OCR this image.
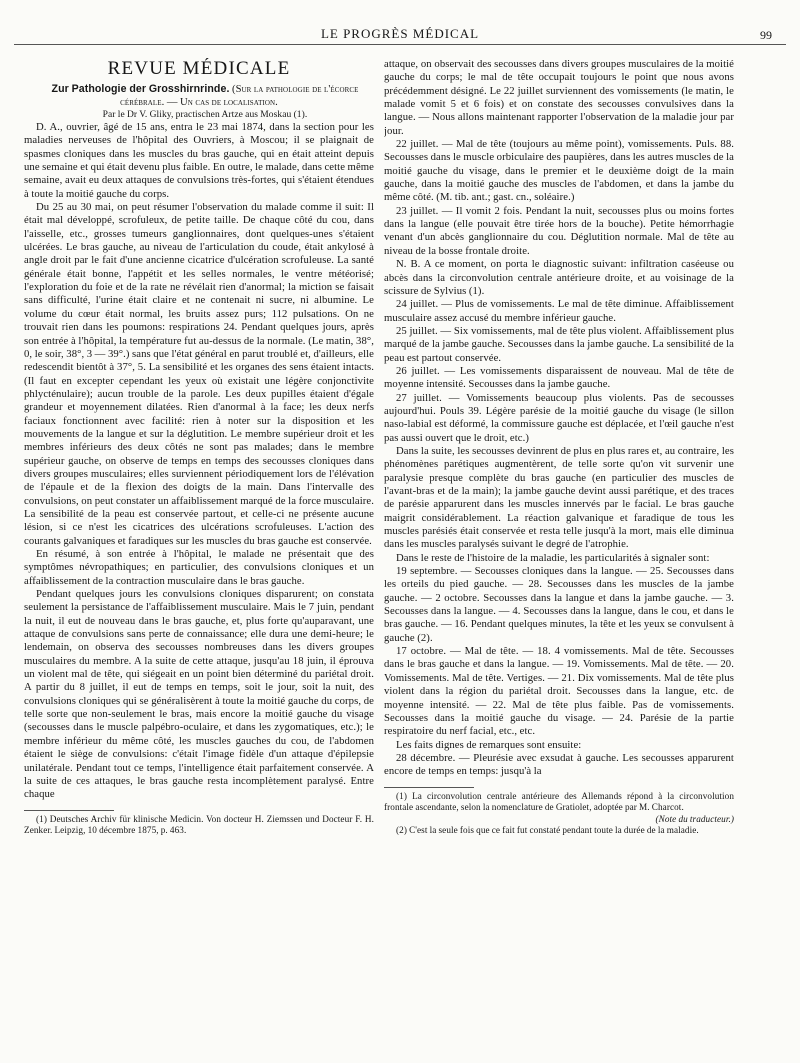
LE PROGRÈS MÉDICAL	99
REVUE MÉDICALE

Zur Pathologie der Grosshirnrinde. (Sur la pathologie de l'écorce cérébrale. — Un cas de localisation.

Par le Dr V. Gliky, practischen Artze aus Moskau (1).

D. A., ouvrier, âgé de 15 ans, entra le 23 mai 1874, dans la section pour les maladies nerveuses de l'hôpital des Ouvriers, à Moscou; il se plaignait de spasmes cloniques dans les muscles du bras gauche, qui en était atteint depuis une semaine et qui était devenu plus faible. En outre, le malade, dans cette même semaine, avait eu deux attaques de convulsions très-fortes, qui s'étaient étendues à toute la moitié gauche du corps.

Du 25 au 30 mai, on peut résumer l'observation du malade comme il suit: Il était mal développé, scrofuleux, de petite taille. De chaque côté du cou, dans l'aisselle, etc., grosses tumeurs ganglionnaires, dont quelques-unes s'étaient ulcérées. Le bras gauche, au niveau de l'articulation du coude, était ankylosé à angle droit par le fait d'une ancienne cicatrice d'ulcération scrofuleuse. La santé générale était bonne, l'appétit et les selles normales, le ventre météorisé; l'exploration du foie et de la rate ne révélait rien d'anormal; la miction se faisait sans difficulté, l'urine était claire et ne contenait ni sucre, ni albumine. Le volume du cœur était normal, les bruits assez purs; 112 pulsations. On ne trouvait rien dans les poumons: respirations 24. Pendant quelques jours, après son entrée à l'hôpital, la température fut au-dessus de la normale. (Le matin, 38°, 0, le soir, 38°, 3 — 39°.) sans que l'état général en parut troublé et, d'ailleurs, elle redescendit bientôt à 37°, 5. La sensibilité et les organes des sens étaient intacts. (Il faut en excepter cependant les yeux où existait une légère conjonctivite phlycténulaire); aucun trouble de la parole. Les deux pupilles étaient d'égale grandeur et moyennement dilatées. Rien d'anormal à la face; les deux nerfs faciaux fonctionnent avec facilité: rien à noter sur la disposition et les mouvements de la langue et sur la déglutition. Le membre supérieur droit et les membres inférieurs des deux côtés ne sont pas malades; dans le membre supérieur gauche, on observe de temps en temps des secousses cloniques dans divers groupes musculaires; elles surviennent périodiquement lors de l'élévation de l'épaule et de la flexion des doigts de la main. Dans l'intervalle des convulsions, on peut constater un affaiblissement marqué de la force musculaire. La sensibilité de la peau est conservée partout, et celle-ci ne présente aucune lésion, si ce n'est les cicatrices des ulcérations scrofuleuses. L'action des courants galvaniques et faradiques sur les muscles du bras gauche est conservée.

En résumé, à son entrée à l'hôpital, le malade ne présentait que des symptômes névropathiques; en particulier, des convulsions cloniques et un affaiblissement de la contraction musculaire dans le bras gauche.

Pendant quelques jours les convulsions cloniques disparurent; on constata seulement la persistance de l'affaiblissement musculaire. Mais le 7 juin, pendant la nuit, il eut de nouveau dans le bras gauche, et, plus forte qu'auparavant, une attaque de convulsions sans perte de connaissance; elle dura une demi-heure; le lendemain, on observa des secousses nombreuses dans les divers groupes musculaires du membre. A la suite de cette attaque, jusqu'au 18 juin, il éprouva un violent mal de tête, qui siégeait en un point bien déterminé du pariétal droit. A partir du 8 juillet, il eut de temps en temps, soit le jour, soit la nuit, des convulsions cloniques qui se généralisèrent à toute la moitié gauche du corps, de telle sorte que non-seulement le bras, mais encore la moitié gauche du visage (secousses dans le muscle palpébro-oculaire, et dans les zygomatiques, etc.); le membre inférieur du même côté, les muscles gauches du cou, de l'abdomen étaient le siège de convulsions: c'était l'image fidèle d'un attaque d'épilepsie unilatérale. Pendant tout ce temps, l'intelligence était parfaitement conservée. A la suite de ces attaques, le bras gauche resta incomplètement paralysé. Entre chaque

(1) Deutsches Archiv für klinische Medicin. Von docteur H. Ziemssen und Docteur F. H. Zenker. Leipzig, 10 décembre 1875, p. 463.

attaque, on observait des secousses dans divers groupes musculaires de la moitié gauche du corps; le mal de tête occupait toujours le point que nous avons précédemment désigné. Le 22 juillet surviennent des vomissements (le matin, le malade vomit 5 et 6 fois) et on constate des secousses convulsives dans la langue. — Nous allons maintenant rapporter l'observation de la maladie jour par jour.

22 juillet. — Mal de tête (toujours au même point), vomissements. Puls. 88. Secousses dans le muscle orbiculaire des paupières, dans les autres muscles de la moitié gauche du visage, dans le premier et le deuxième doigt de la main gauche, dans la moitié gauche des muscles de l'abdomen, et dans la jambe du même côté. (M. tib. ant.; gast. cn., soléaire.)

23 juillet. — Il vomit 2 fois. Pendant la nuit, secousses plus ou moins fortes dans la langue (elle pouvait être tirée hors de la bouche). Petite hémorrhagie venant d'un abcès ganglionnaire du cou. Déglutition normale. Mal de tête au niveau de la bosse frontale droite.

N. B. A ce moment, on porta le diagnostic suivant: infiltration caséeuse ou abcès dans la circonvolution centrale antérieure droite, et au voisinage de la scissure de Sylvius (1).

24 juillet. — Plus de vomissements. Le mal de tête diminue. Affaiblissement musculaire assez accusé du membre inférieur gauche.

25 juillet. — Six vomissements, mal de tête plus violent. Affaiblissement plus marqué de la jambe gauche. Secousses dans la jambe gauche. La sensibilité de la peau est partout conservée.

26 juillet. — Les vomissements disparaissent de nouveau. Mal de tête de moyenne intensité. Secousses dans la jambe gauche.

27 juillet. — Vomissements beaucoup plus violents. Pas de secousses aujourd'hui. Pouls 39. Légère parésie de la moitié gauche du visage (le sillon naso-labial est déformé, la commissure gauche est déplacée, et l'œil gauche n'est pas aussi ouvert que le droit, etc.)

Dans la suite, les secousses devinrent de plus en plus rares et, au contraire, les phénomènes parétiques augmentèrent, de telle sorte qu'on vit survenir une paralysie presque complète du bras gauche (en particulier des muscles de l'avant-bras et de la main); la jambe gauche devint aussi parétique, et des traces de parésie apparurent dans les muscles innervés par le facial. Le bras gauche maigrit considérablement. La réaction galvanique et faradique de tous les muscles parésiés était conservée et resta telle jusqu'à la mort, mais elle diminua dans les muscles paralysés suivant le degré de l'atrophie.

Dans le reste de l'histoire de la maladie, les particularités à signaler sont:

19 septembre. — Secousses cloniques dans la langue. — 25. Secousses dans les orteils du pied gauche. — 28. Secousses dans les muscles de la jambe gauche. — 2 octobre. Secousses dans la langue et dans la jambe gauche. — 3. Secousses dans la langue. — 4. Secousses dans la langue, dans le cou, et dans le bras gauche. — 16. Pendant quelques minutes, la tête et les yeux se convulsent à gauche (2).

17 octobre. — Mal de tête. — 18. 4 vomissements. Mal de tête. Secousses dans le bras gauche et dans la langue. — 19. Vomissements. Mal de tête. — 20. Vomissements. Mal de tête. Vertiges. — 21. Dix vomissements. Mal de tête plus violent dans la région du pariétal droit. Secousses dans la langue, etc. de moyenne intensité. — 22. Mal de tête plus faible. Pas de vomissements. Secousses dans la moitié gauche du visage. — 24. Parésie de la partie respiratoire du nerf facial, etc., etc.

Les faits dignes de remarques sont ensuite:

28 décembre. — Pleurésie avec exsudat à gauche. Les secousses apparurent encore de temps en temps: jusqu'à la

(1) La circonvolution centrale antérieure des Allemands répond à la circonvolution frontale ascendante, selon la nomenclature de Gratiolet, adoptée par M. Charcot.

(Note du traducteur.)

(2) C'est la seule fois que ce fait fut constaté pendant toute la durée de la maladie.
